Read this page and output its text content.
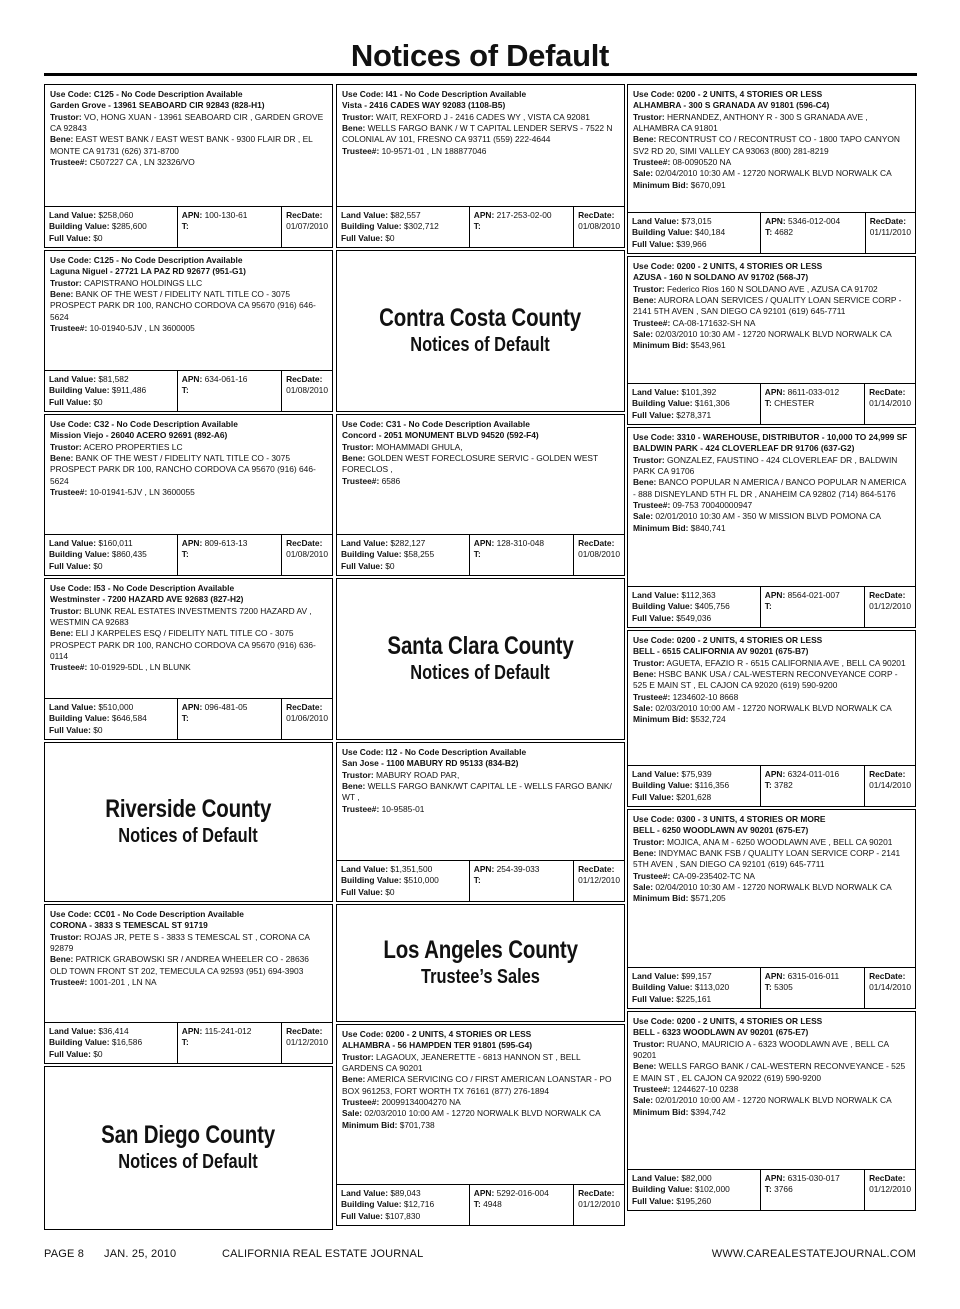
Notices of Default
Use Code: C125 - No Code Description Available
Garden Grove - 13961 SEABOARD CIR 92843 (828-H1)
Trustor: VO, HONG XUAN - 13961 SEABOARD CIR , GARDEN GROVE CA 92843
Bene: EAST WEST BANK / EAST WEST BANK - 9300 FLAIR DR , EL MONTE CA 91731 (626) 371-8700
Trustee#: C507227 CA , LN 32326/VO
Land Value: $258,060
Building Value: $285,600
Full Value: $0
APN: 100-130-61
T:
RecDate:
01/07/2010
Use Code: C125 - No Code Description Available
Laguna Niguel - 27721 LA PAZ RD 92677 (951-G1)
Trustor: CAPISTRANO HOLDINGS LLC
Bene: BANK OF THE WEST / FIDELITY NATL TITLE CO - 3075 PROSPECT PARK DR 100, RANCHO CORDOVA CA 95670 (916) 646-5624
Trustee#: 10-01940-5JV , LN 3600005
Land Value: $81,582
Building Value: $911,486
Full Value: $0
APN: 634-061-16
T:
RecDate:
01/08/2010
Use Code: C32 - No Code Description Available
Mission Viejo - 26040 ACERO 92691 (892-A6)
Trustor: ACERO PROPERTIES LC
Bene: BANK OF THE WEST / FIDELITY NATL TITLE CO - 3075 PROSPECT PARK DR 100, RANCHO CORDOVA CA 95670 (916) 646-5624
Trustee#: 10-01941-5JV , LN 3600055
Land Value: $160,011
Building Value: $860,435
Full Value: $0
APN: 809-613-13
T:
RecDate:
01/08/2010
Use Code: I53 - No Code Description Available
Westminster - 7200 HAZARD AVE 92683 (827-H2)
Trustor: BLUNK REAL ESTATES INVESTMENTS 7200 HAZARD AV , WESTMIN CA 92683
Bene: ELI J KARPELES ESQ / FIDELITY NATL TITLE CO - 3075 PROSPECT PARK DR 100, RANCHO CORDOVA CA 95670 (916) 636-0114
Trustee#: 10-01929-5DL , LN BLUNK
Land Value: $510,000
Building Value: $646,584
Full Value: $0
APN: 096-481-05
T:
RecDate:
01/06/2010
Riverside County
Notices of Default
Use Code: CC01 - No Code Description Available
CORONA - 3833 S TEMESCAL ST 91719
Trustor: ROJAS JR, PETE S - 3833 S TEMESCAL ST , CORONA CA 92879
Bene: PATRICK GRABOWSKI SR / ANDREA WHEELER CO - 28636 OLD TOWN FRONT ST 202, TEMECULA CA 92593 (951) 694-3903
Trustee#: 1001-201 , LN NA
Land Value: $36,414
Building Value: $16,586
Full Value: $0
APN: 115-241-012
T:
RecDate:
01/12/2010
San Diego County
Notices of Default
Use Code: I41 - No Code Description Available
Vista - 2416 CADES WAY 92083 (1108-B5)
Trustor: WAIT, REXFORD J - 2416 CADES WY , VISTA CA 92081
Bene: WELLS FARGO BANK / W T CAPITAL LENDER SERVS - 7522 N COLONIAL AV 101, FRESNO CA 93711 (559) 222-4644
Trustee#: 10-9571-01 , LN 188877046
Land Value: $82,557
Building Value: $302,712
Full Value: $0
APN: 217-253-02-00
T:
RecDate:
01/08/2010
Contra Costa County
Notices of Default
Use Code: C31 - No Code Description Available
Concord - 2051 MONUMENT BLVD 94520 (592-F4)
Trustor: MOHAMMADI GHULA,
Bene: GOLDEN WEST FORECLOSURE SERVIC - GOLDEN WEST FORECLOS ,
Trustee#: 6586
Land Value: $282,127
Building Value: $58,255
Full Value: $0
APN: 128-310-048
T:
RecDate:
01/08/2010
Santa Clara County
Notices of Default
Use Code: I12 - No Code Description Available
San Jose - 1100 MABURY RD 95133 (834-B2)
Trustor: MABURY ROAD PAR,
Bene: WELLS FARGO BANK/WT CAPITAL LE - WELLS FARGO BANK/ WT ,
Trustee#: 10-9585-01
Land Value: $1,351,500
Building Value: $510,000
Full Value: $0
APN: 254-39-033
T:
RecDate:
01/12/2010
Los Angeles County
Trustee’s Sales
Use Code: 0200 - 2 UNITS, 4 STORIES OR LESS
ALHAMBRA - 56 HAMPDEN TER 91801 (595-G4)
Trustor: LAGAOUX, JEANERETTE - 6813 HANNON ST , BELL GARDENS CA 90201
Bene: AMERICA SERVICING CO / FIRST AMERICAN LOANSTAR - PO BOX 961253, FORT WORTH TX 76161 (877) 276-1894
Trustee#: 20099134004270 NA
Sale: 02/03/2010 10:00 AM - 12720 NORWALK BLVD NORWALK CA
Minimum Bid: $701,738
Land Value: $89,043
Building Value: $12,716
Full Value: $107,830
APN: 5292-016-004
T: 4948
RecDate:
01/12/2010
Use Code: 0200 - 2 UNITS, 4 STORIES OR LESS
ALHAMBRA - 300 S GRANADA AV 91801 (596-C4)
Trustor: HERNANDEZ, ANTHONY R - 300 S GRANADA AVE , ALHAMBRA CA 91801
Bene: RECONTRUST CO / RECONTRUST CO - 1800 TAPO CANYON SV2 RD 20, SIMI VALLEY CA 93063 (800) 281-8219
Trustee#: 08-0090520 NA
Sale: 02/04/2010 10:30 AM - 12720 NORWALK BLVD NORWALK CA
Minimum Bid: $670,091
Land Value: $73,015
Building Value: $40,184
Full Value: $39,966
APN: 5346-012-004
T: 4682
RecDate:
01/11/2010
Use Code: 0200 - 2 UNITS, 4 STORIES OR LESS
AZUSA - 160 N SOLDANO AV 91702 (568-J7)
Trustor: Federico Rios 160 N SOLDANO AVE , AZUSA CA 91702
Bene: AURORA LOAN SERVICES / QUALITY LOAN SERVICE CORP - 2141 5TH AVEN , SAN DIEGO CA 92101 (619) 645-7711
Trustee#: CA-08-171632-SH NA
Sale: 02/03/2010 10:30 AM - 12720 NORWALK BLVD NORWALK CA
Minimum Bid: $543,961
Land Value: $101,392
Building Value: $161,306
Full Value: $278,371
APN: 8611-033-012
T: CHESTER
RecDate:
01/14/2010
Use Code: 3310 - WAREHOUSE, DISTRIBUTOR - 10,000 TO 24,999 SF
BALDWIN PARK - 424 CLOVERLEAF DR 91706 (637-G2)
Trustor: GONZALEZ, FAUSTINO - 424 CLOVERLEAF DR , BALDWIN PARK CA 91706
Bene: BANCO POPULAR N AMERICA / BANCO POPULAR N AMERICA - 888 DISNEYLAND 5TH FL DR , ANAHEIM CA 92802 (714) 864-5176
Trustee#: 09-753 70040000947
Sale: 02/01/2010 10:30 AM - 350 W MISSION BLVD POMONA CA
Minimum Bid: $840,741
Land Value: $112,363
Building Value: $405,756
Full Value: $549,036
APN: 8564-021-007
T:
RecDate:
01/12/2010
Use Code: 0200 - 2 UNITS, 4 STORIES OR LESS
BELL - 6515 CALIFORNIA AV 90201 (675-B7)
Trustor: AGUETA, EFAZIO R - 6515 CALIFORNIA AVE , BELL CA 90201
Bene: HSBC BANK USA / CAL-WESTERN RECONVEYANCE CORP - 525 E MAIN ST , EL CAJON CA 92020 (619) 590-9200
Trustee#: 1234602-10 8668
Sale: 02/03/2010 10:00 AM - 12720 NORWALK BLVD NORWALK CA
Minimum Bid: $532,724
Land Value: $75,939
Building Value: $116,356
Full Value: $201,628
APN: 6324-011-016
T: 3782
RecDate:
01/14/2010
Use Code: 0300 - 3 UNITS, 4 STORIES OR MORE
BELL - 6250 WOODLAWN AV 90201 (675-E7)
Trustor: MOJICA, ANA M - 6250 WOODLAWN AVE , BELL CA 90201
Bene: INDYMAC BANK FSB / QUALITY LOAN SERVICE CORP - 2141 5TH AVEN , SAN DIEGO CA 92101 (619) 645-7711
Trustee#: CA-09-235402-TC NA
Sale: 02/04/2010 10:30 AM - 12720 NORWALK BLVD NORWALK CA
Minimum Bid: $571,205
Land Value: $99,157
Building Value: $113,020
Full Value: $225,161
APN: 6315-016-011
T: 5305
RecDate:
01/14/2010
Use Code: 0200 - 2 UNITS, 4 STORIES OR LESS
BELL - 6323 WOODLAWN AV 90201 (675-E7)
Trustor: RUANO, MAURICIO A - 6323 WOODLAWN AVE , BELL CA 90201
Bene: WELLS FARGO BANK / CAL-WESTERN RECONVEYANCE - 525 E MAIN ST , EL CAJON CA 92022 (619) 590-9200
Trustee#: 1244627-10 0238
Sale: 02/01/2010 10:00 AM - 12720 NORWALK BLVD NORWALK CA
Minimum Bid: $394,742
Land Value: $82,000
Building Value: $102,000
Full Value: $195,260
APN: 6315-030-017
T: 3766
RecDate:
01/12/2010
PAGE 8 JAN. 25, 2010	CALIFORNIA REAL ESTATE JOURNAL	WWW.CAREALESTATEJOURNAL.COM
